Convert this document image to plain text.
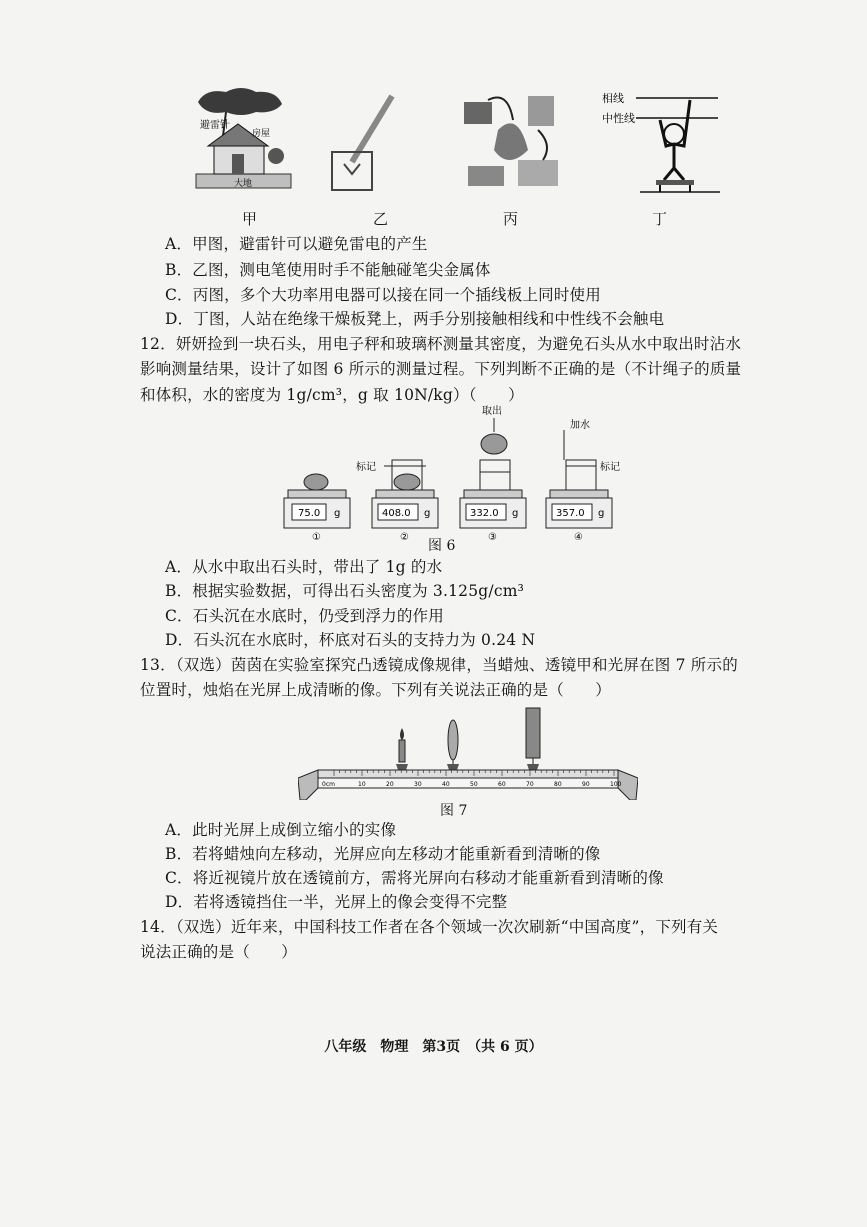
避雷针
房屋
大地
相线
中性线
甲	乙	丙	丁
A．甲图，避雷针可以避免雷电的产生
B．乙图，测电笔使用时手不能触碰笔尖金属体
C．丙图，多个大功率用电器可以接在同一个插线板上同时使用
D．丁图，人站在绝缘干燥板凳上，两手分别接触相线和中性线不会触电
12．妍妍捡到一块石头，用电子秤和玻璃杯测量其密度，为避免石头从水中取出时沾水
影响测量结果，设计了如图 6 所示的测量过程。下列判断不正确的是（不计绳子的质量
和体积，水的密度为 1g/cm³，g 取 10N/kg）（　　）
75.0 g
①
标记
408.0 g
②
取出
332.0 g
③
加水
标记
357.0 g
④
图 6
A．从水中取出石头时，带出了 1g 的水
B．根据实验数据，可得出石头密度为 3.125g/cm³
C．石头沉在水底时，仍受到浮力的作用
D．石头沉在水底时，杯底对石头的支持力为 0.24 N
13．（双选）茵茵在实验室探究凸透镜成像规律，当蜡烛、透镜甲和光屏在图 7 所示的
位置时，烛焰在光屏上成清晰的像。下列有关说法正确的是（　　）
0cm	10	20	30	40	50	60	70	80	90	100
图 7
A．此时光屏上成倒立缩小的实像
B．若将蜡烛向左移动，光屏应向左移动才能重新看到清晰的像
C．将近视镜片放在透镜前方，需将光屏向右移动才能重新看到清晰的像
D．若将透镜挡住一半，光屏上的像会变得不完整
14．（双选）近年来，中国科技工作者在各个领域一次次刷新“中国高度”，下列有关
说法正确的是（　　）
八年级　物理　第3页　（共 6 页）
